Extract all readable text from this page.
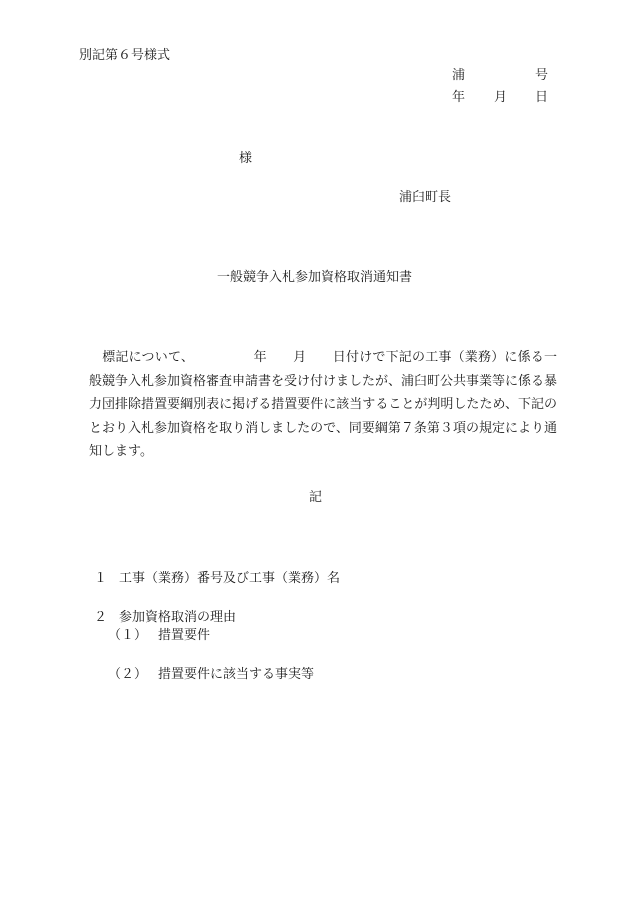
別記第６号様式
浦	号
年 月 日
様
浦臼町長
一般競争入札参加資格取消通知書
　標記について、　　　　　年　　月　　日付けで下記の工事（業務）に係る一般競争入札参加資格審査申請書を受け付けましたが、浦臼町公共事業等に係る暴力団排除措置要綱別表に掲げる措置要件に該当することが判明したため、下記のとおり入札参加資格を取り消しましたので、同要綱第７条第３項の規定により通知します。
記
１ 工事（業務）番号及び工事（業務）名
２ 参加資格取消の理由
（１） 措置要件
（２） 措置要件に該当する事実等
